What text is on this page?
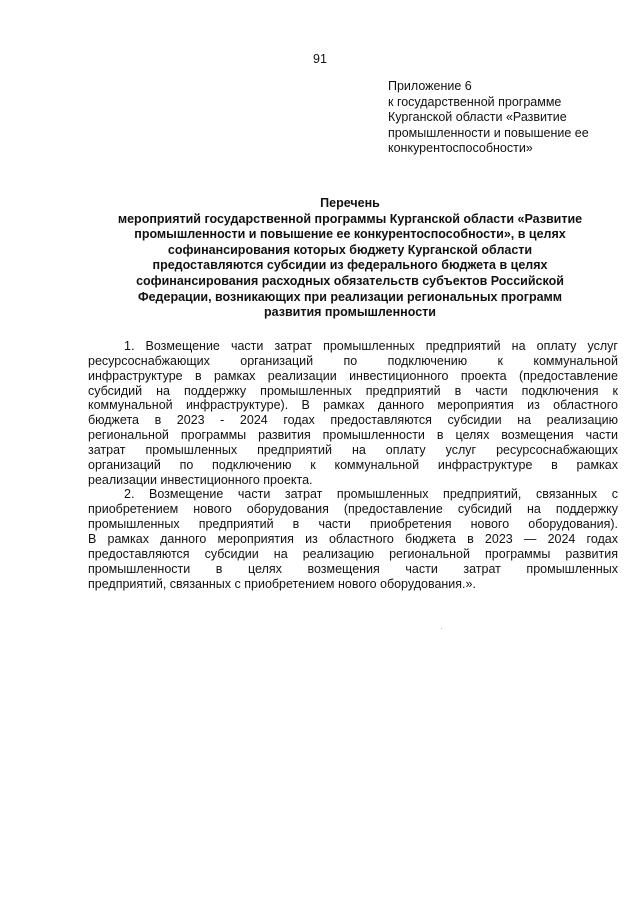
91
Приложение 6
к государственной программе
Курганской области «Развитие
промышленности и повышение ее
конкурентоспособности»
Перечень
мероприятий государственной программы Курганской области «Развитие
промышленности и повышение ее конкурентоспособности», в целях
софинансирования которых бюджету Курганской области
предоставляются субсидии из федерального бюджета в целях
софинансирования расходных обязательств субъектов Российской
Федерации, возникающих при реализации региональных программ
развития промышленности
1. Возмещение части затрат промышленных предприятий на оплату услуг
ресурсоснабжающих организаций по подключению к коммунальной
инфраструктуре в рамках реализации инвестиционного проекта (предоставление
субсидий на поддержку промышленных предприятий в части подключения к
коммунальной инфраструктуре). В рамках данного мероприятия из областного
бюджета в 2023 - 2024 годах предоставляются субсидии на реализацию
региональной программы развития промышленности в целях возмещения части
затрат промышленных предприятий на оплату услуг ресурсоснабжающих
организаций по подключению к коммунальной инфраструктуре в рамках
реализации инвестиционного проекта.
2. Возмещение части затрат промышленных предприятий, связанных с
приобретением нового оборудования (предоставление субсидий на поддержку
промышленных предприятий в части приобретения нового оборудования).
В рамках данного мероприятия из областного бюджета в 2023 — 2024 годах
предоставляются субсидии на реализацию региональной программы развития
промышленности в целях возмещения части затрат промышленных
предприятий, связанных с приобретением нового оборудования.».
